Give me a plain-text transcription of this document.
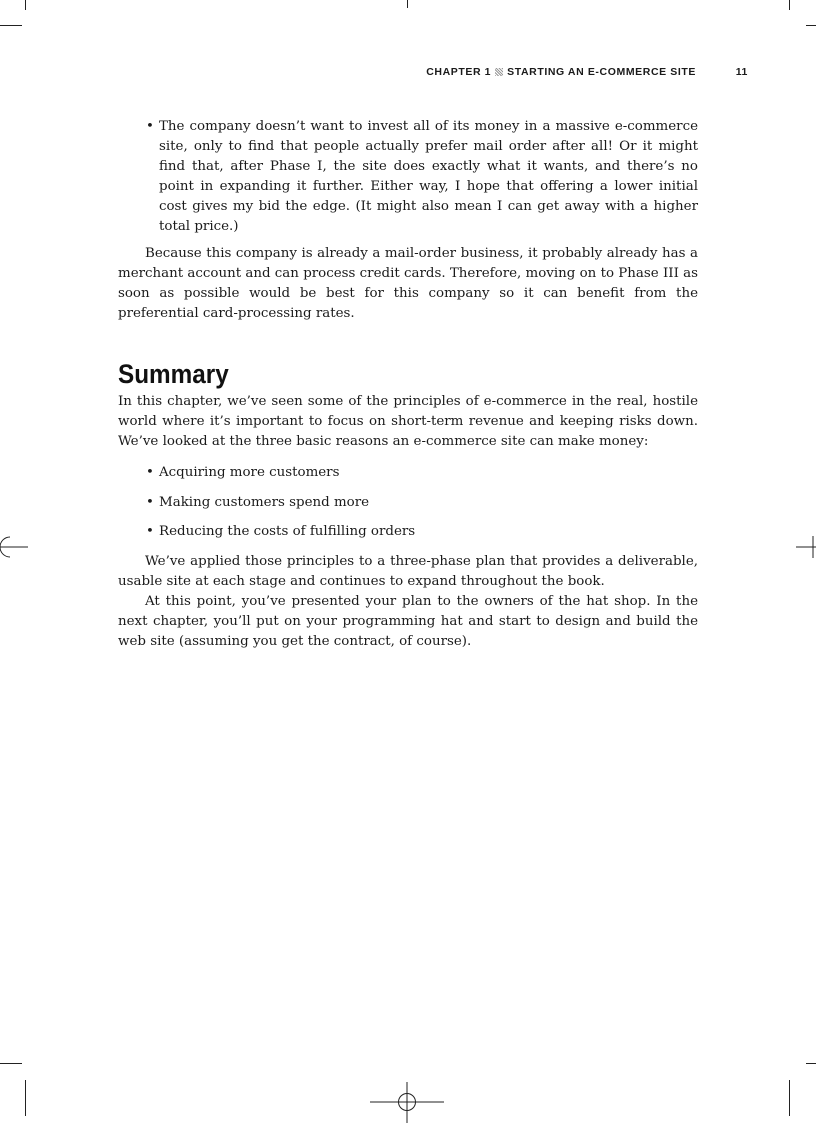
CHAPTER 1 STARTING AN E-COMMERCE SITE	11
• The company doesn’t want to invest all of its money in a massive e-commerce site, only to find that people actually prefer mail order after all! Or it might find that, after Phase I, the site does exactly what it wants, and there’s no point in expanding it further. Either way, I hope that offering a lower initial cost gives my bid the edge. (It might also mean I can get away with a higher total price.)

Because this company is already a mail-order business, it probably already has a merchant account and can process credit cards. Therefore, moving on to Phase III as soon as possible would be best for this company so it can benefit from the preferential card-processing rates.

Summary

In this chapter, we’ve seen some of the principles of e-commerce in the real, hostile world where it’s important to focus on short-term revenue and keeping risks down. We’ve looked at the three basic reasons an e-commerce site can make money:

• Acquiring more customers
• Making customers spend more
• Reducing the costs of fulfilling orders

We’ve applied those principles to a three-phase plan that provides a deliverable, usable site at each stage and continues to expand throughout the book.

At this point, you’ve presented your plan to the owners of the hat shop. In the next chapter, you’ll put on your programming hat and start to design and build the web site (assuming you get the contract, of course).
